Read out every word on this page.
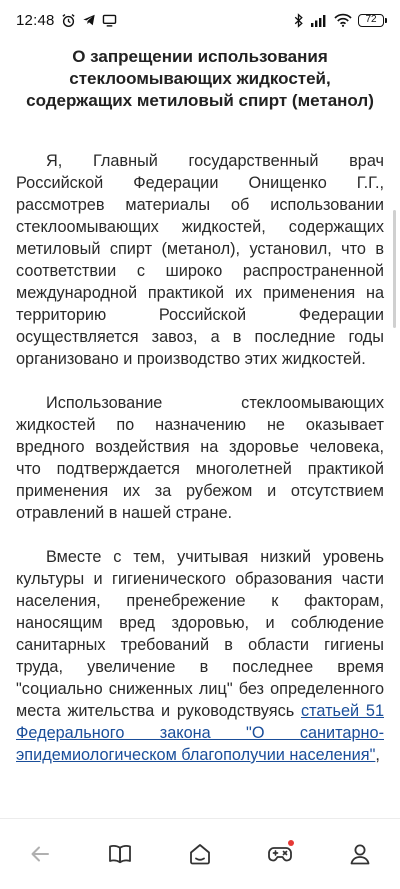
12:48	72
О запрещении использования стеклоомывающих жидкостей, содержащих метиловый спирт (метанол)

Я, Главный государственный врач Российской Федерации Онищенко Г.Г., рассмотрев материалы об использовании стеклоомывающих жидкостей, содержащих метиловый спирт (метанол), установил, что в соответствии с широко распространенной международной практикой их применения на территорию Российской Федерации осуществляется завоз, а в последние годы организовано и производство этих жидкостей.

Использование стеклоомывающих жидкостей по назначению не оказывает вредного воздействия на здоровье человека, что подтверждается многолетней практикой применения их за рубежом и отсутствием отравлений в нашей стране.

Вместе с тем, учитывая низкий уровень культуры и гигиенического образования части населения, пренебрежение к факторам, наносящим вред здоровью, и соблюдение санитарных требований в области гигиены труда, увеличение в последнее время "социально сниженных лиц" без определенного места жительства и руководствуясь статьей 51 Федерального закона "О санитарно-эпидемиологическом благополучии населения",
